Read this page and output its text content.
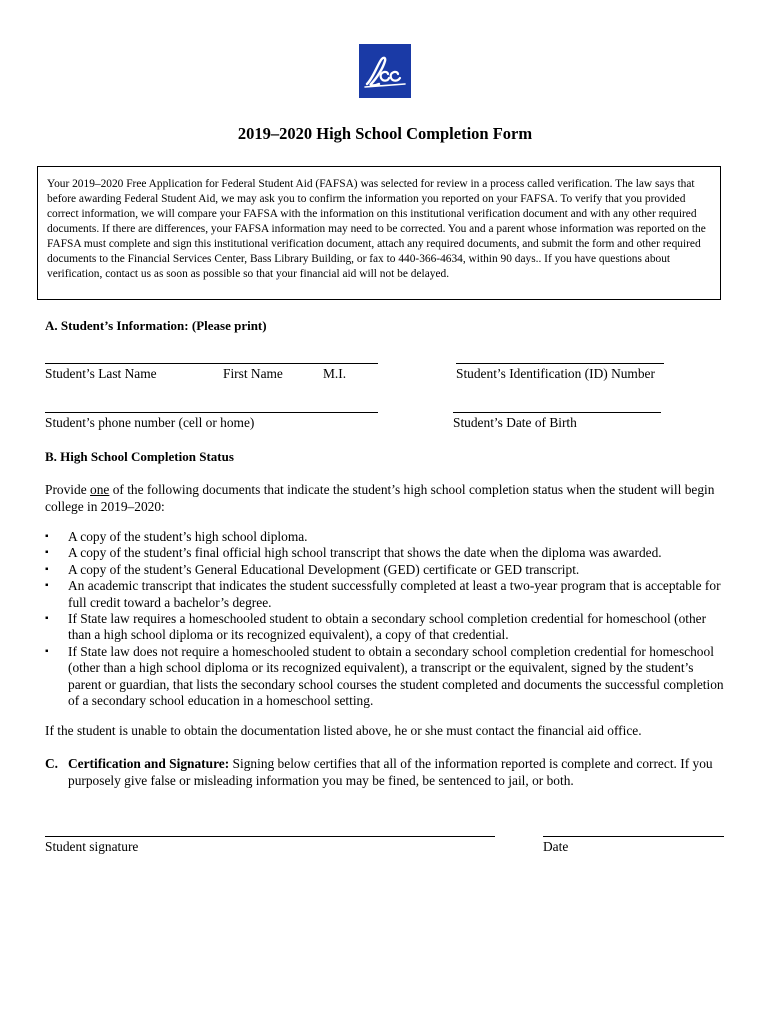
2019–2020 High School Completion Form
Your 2019–2020 Free Application for Federal Student Aid (FAFSA) was selected for review in a process called verification. The law says that before awarding Federal Student Aid, we may ask you to confirm the information you reported on your FAFSA. To verify that you provided correct information, we will compare your FAFSA with the information on this institutional verification document and with any other required documents. If there are differences, your FAFSA information may need to be corrected. You and a parent whose information was reported on the FAFSA must complete and sign this institutional verification document, attach any required documents, and submit the form and other required documents to the Financial Services Center, Bass Library Building, or fax to 440-366-4634, within 90 days.. If you have questions about verification, contact us as soon as possible so that your financial aid will not be delayed.
A. Student’s Information: (Please print)
Student’s Last Name	First Name	M.I.	Student’s Identification (ID) Number
Student’s phone number (cell or home)	Student’s Date of Birth
B. High School Completion Status
Provide one of the following documents that indicate the student’s high school completion status when the student will begin college in 2019–2020:
▪	A copy of the student’s high school diploma.
▪	A copy of the student’s final official high school transcript that shows the date when the diploma was awarded.
▪	A copy of the student’s General Educational Development (GED) certificate or GED transcript.
▪	An academic transcript that indicates the student successfully completed at least a two-year program that is acceptable for full credit toward a bachelor’s degree.
▪	If State law requires a homeschooled student to obtain a secondary school completion credential for homeschool (other than a high school diploma or its recognized equivalent), a copy of that credential.
▪	If State law does not require a homeschooled student to obtain a secondary school completion credential for homeschool (other than a high school diploma or its recognized equivalent), a transcript or the equivalent, signed by the student’s parent or guardian, that lists the secondary school courses the student completed and documents the successful completion of a secondary school education in a homeschool setting.
If the student is unable to obtain the documentation listed above, he or she must contact the financial aid office.
C. Certification and Signature: Signing below certifies that all of the information reported is complete and correct. If you purposely give false or misleading information you may be fined, be sentenced to jail, or both.
Student signature	Date
